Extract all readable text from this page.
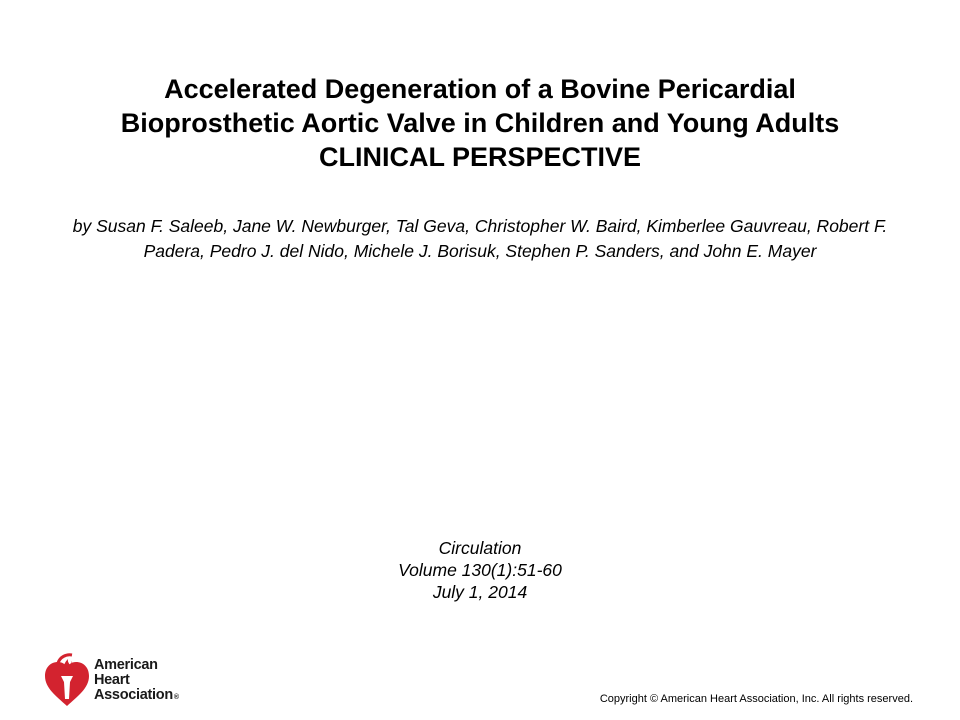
Accelerated Degeneration of a Bovine Pericardial
Bioprosthetic Aortic Valve in Children and Young Adults
CLINICAL PERSPECTIVE
by Susan F. Saleeb, Jane W. Newburger, Tal Geva, Christopher W. Baird, Kimberlee Gauvreau, Robert F. Padera, Pedro J. del Nido, Michele J. Borisuk, Stephen P. Sanders, and John E. Mayer
Circulation
Volume 130(1):51-60
July 1, 2014
American
Heart
Association®	Copyright © American Heart Association, Inc. All rights reserved.
